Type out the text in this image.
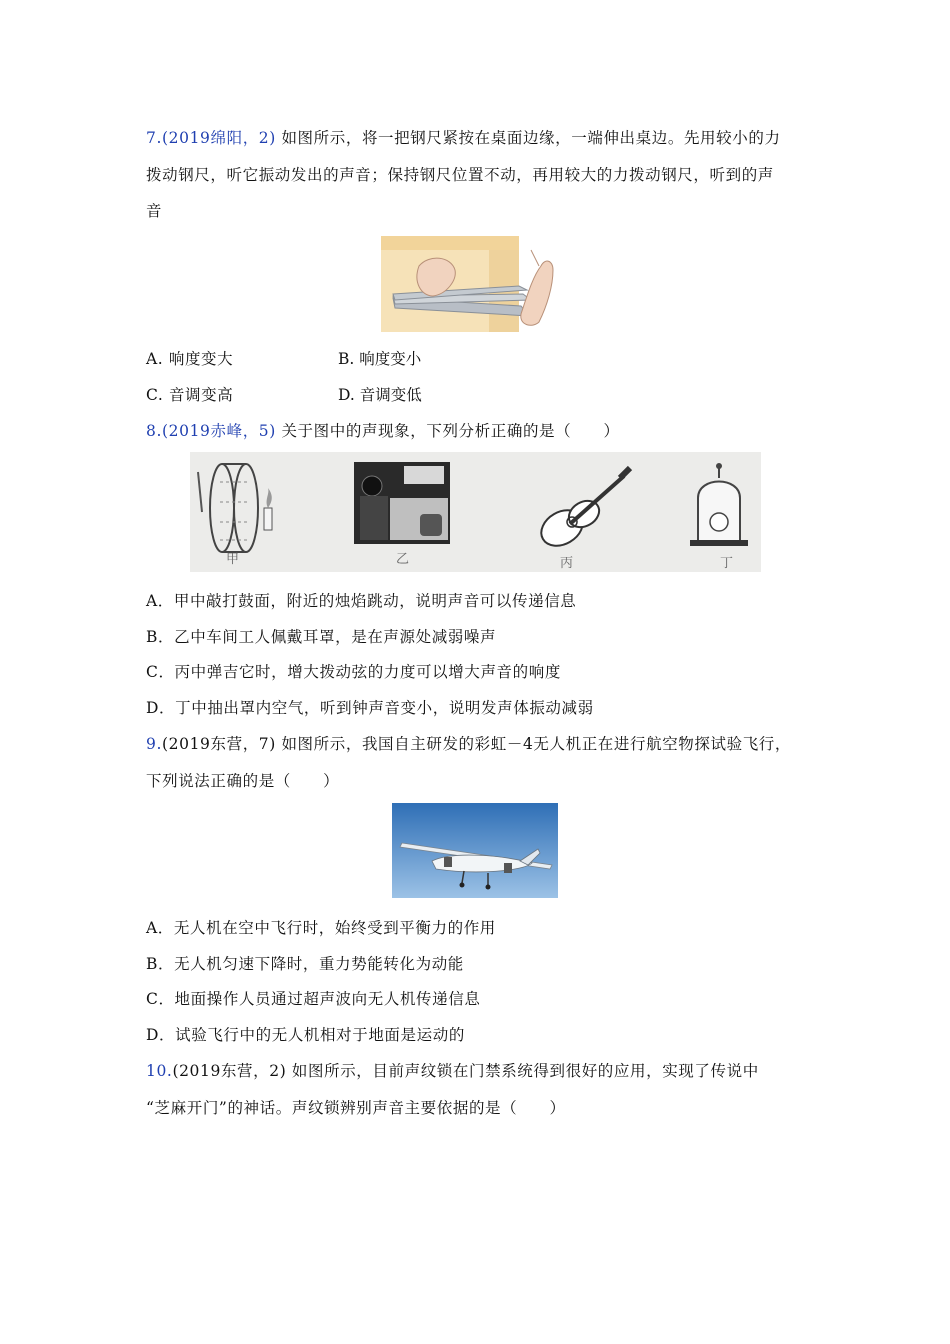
7.(2019绵阳，2) 如图所示，将一把钢尺紧按在桌面边缘，一端伸出桌边。先用较小的力
拨动钢尺，听它振动发出的声音；保持钢尺位置不动，再用较大的力拨动钢尺，听到的声
音
A. 响度变大	B. 响度变小
C. 音调变高	D. 音调变低
8.(2019赤峰，5) 关于图中的声现象，下列分析正确的是（　　）
甲	乙	丙	丁
A．甲中敲打鼓面，附近的烛焰跳动，说明声音可以传递信息
B．乙中车间工人佩戴耳罩，是在声源处减弱噪声
C．丙中弹吉它时，增大拨动弦的力度可以增大声音的响度
D．丁中抽出罩内空气，听到钟声音变小，说明发声体振动减弱
9.(2019东营，7) 如图所示，我国自主研发的彩虹－4无人机正在进行航空物探试验飞行，
下列说法正确的是（　　）
A．无人机在空中飞行时，始终受到平衡力的作用
B．无人机匀速下降时，重力势能转化为动能
C．地面操作人员通过超声波向无人机传递信息
D．试验飞行中的无人机相对于地面是运动的
10.(2019东营，2) 如图所示，目前声纹锁在门禁系统得到很好的应用，实现了传说中
“芝麻开门”的神话。声纹锁辨别声音主要依据的是（　　）
